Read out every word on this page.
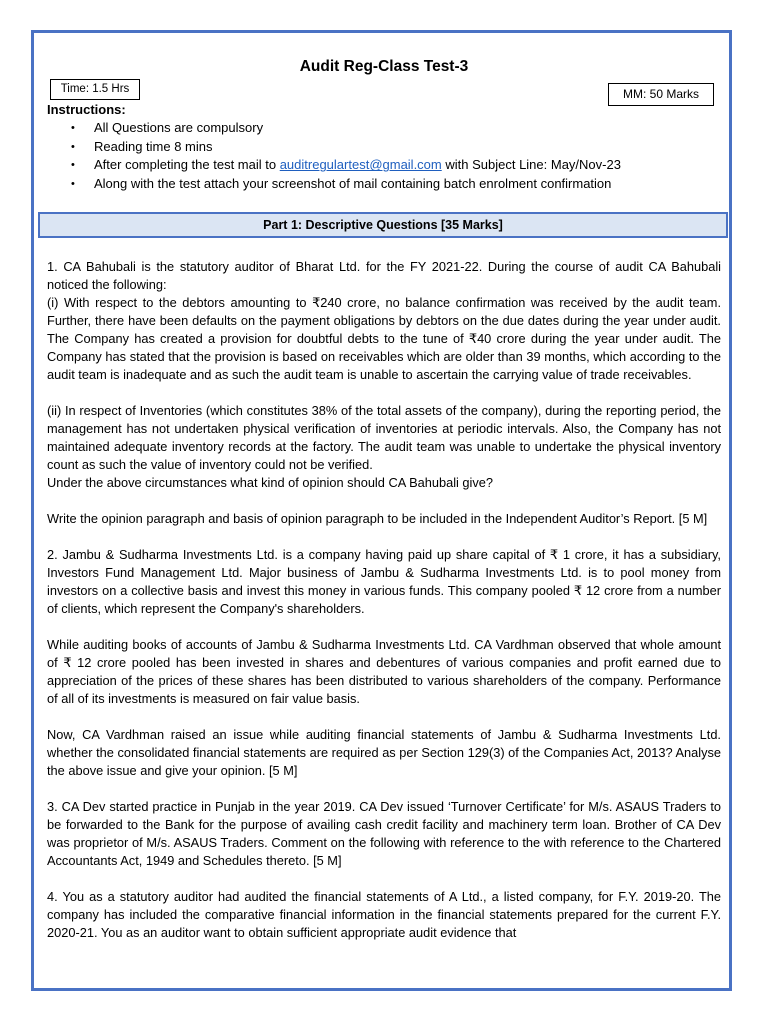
Audit Reg-Class Test-3
Time: 1.5 Hrs	MM: 50 Marks
Instructions:
• All Questions are compulsory
• Reading time 8 mins
• After completing the test mail to auditregulartest@gmail.com with Subject Line: May/Nov-23
• Along with the test attach your screenshot of mail containing batch enrolment confirmation
Part 1: Descriptive Questions [35 Marks]

1. CA Bahubali is the statutory auditor of Bharat Ltd. for the FY 2021-22. During the course of audit CA Bahubali noticed the following:

(i) With respect to the debtors amounting to ₹240 crore, no balance confirmation was received by the audit team. Further, there have been defaults on the payment obligations by debtors on the due dates during the year under audit. The Company has created a provision for doubtful debts to the tune of ₹40 crore during the year under audit. The Company has stated that the provision is based on receivables which are older than 39 months, which according to the audit team is inadequate and as such the audit team is unable to ascertain the carrying value of trade receivables.

(ii) In respect of Inventories (which constitutes 38% of the total assets of the company), during the reporting period, the management has not undertaken physical verification of inventories at periodic intervals. Also, the Company has not maintained adequate inventory records at the factory. The audit team was unable to undertake the physical inventory count as such the value of inventory could not be verified.

Under the above circumstances what kind of opinion should CA Bahubali give?

Write the opinion paragraph and basis of opinion paragraph to be included in the Independent Auditor’s Report. [5 M]

2. Jambu & Sudharma Investments Ltd. is a company having paid up share capital of ₹ 1 crore, it has a subsidiary, Investors Fund Management Ltd. Major business of Jambu & Sudharma Investments Ltd. is to pool money from investors on a collective basis and invest this money in various funds. This company pooled ₹ 12 crore from a number of clients, which represent the Company's shareholders.

While auditing books of accounts of Jambu & Sudharma Investments Ltd. CA Vardhman observed that whole amount of ₹ 12 crore pooled has been invested in shares and debentures of various companies and profit earned due to appreciation of the prices of these shares has been distributed to various shareholders of the company. Performance of all of its investments is measured on fair value basis.

Now, CA Vardhman raised an issue while auditing financial statements of Jambu & Sudharma Investments Ltd. whether the consolidated financial statements are required as per Section 129(3) of the Companies Act, 2013? Analyse the above issue and give your opinion. [5 M]

3. CA Dev started practice in Punjab in the year 2019. CA Dev issued ‘Turnover Certificate’ for M/s. ASAUS Traders to be forwarded to the Bank for the purpose of availing cash credit facility and machinery term loan. Brother of CA Dev was proprietor of M/s. ASAUS Traders. Comment on the following with reference to the with reference to the Chartered Accountants Act, 1949 and Schedules thereto. [5 M]

4. You as a statutory auditor had audited the financial statements of A Ltd., a listed company, for F.Y. 2019-20. The company has included the comparative financial information in the financial statements prepared for the current F.Y. 2020-21. You as an auditor want to obtain sufficient appropriate audit evidence that
